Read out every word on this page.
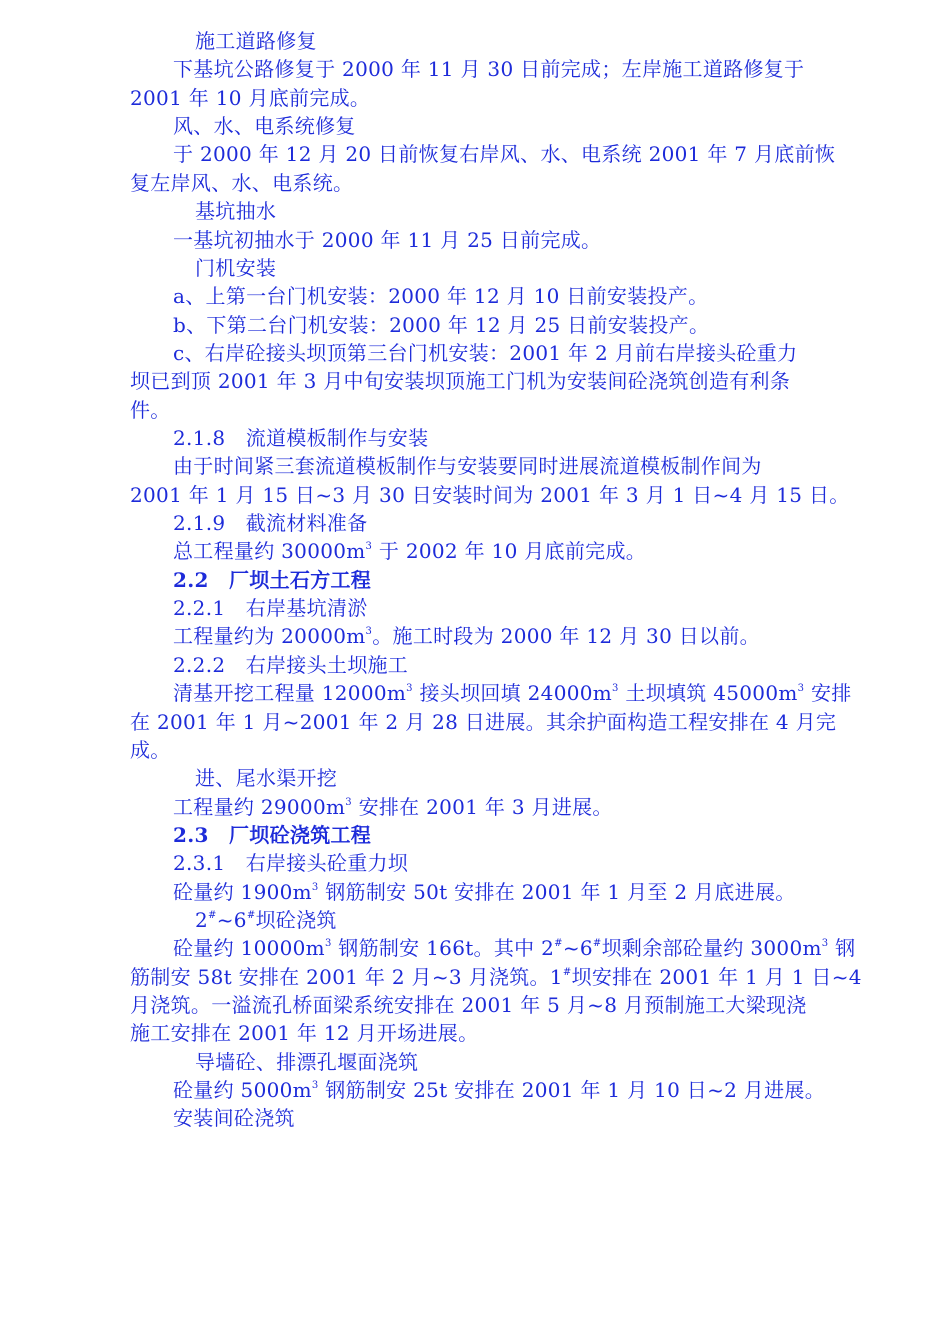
施工道路修复
下基坑公路修复于 2000 年 11 月 30 日前完成；左岸施工道路修复于
2001 年 10 月底前完成。
风、水、电系统修复
于 2000 年 12 月 20 日前恢复右岸风、水、电系统 2001 年 7 月底前恢
复左岸风、水、电系统。
基坑抽水
一基坑初抽水于 2000 年 11 月 25 日前完成。
门机安装
a、上第一台门机安装：2000 年 12 月 10 日前安装投产。
b、下第二台门机安装：2000 年 12 月 25 日前安装投产。
c、右岸砼接头坝顶第三台门机安装：2001 年 2 月前右岸接头砼重力
坝已到顶 2001 年 3 月中旬安装坝顶施工门机为安装间砼浇筑创造有利条
件。
2.1.8　流道模板制作与安装
由于时间紧三套流道模板制作与安装要同时进展流道模板制作间为
2001 年 1 月 15 日~3 月 30 日安装时间为 2001 年 3 月 1 日~4 月 15 日。
2.1.9　截流材料准备
总工程量约 $30000m^3$ 于 2002 年 10 月底前完成。
2.2　厂坝土石方工程
2.2.1　右岸基坑清淤
工程量约为 $20000m^3$。施工时段为 2000 年 12 月 30 日以前。
2.2.2　右岸接头土坝施工
清基开挖工程量 $12000m^3$ 接头坝回填 $24000m^3$ 土坝填筑 $45000m^3$ 安排
在 2001 年 1 月~2001 年 2 月 28 日进展。其余护面构造工程安排在 4 月完
成。
进、尾水渠开挖
工程量约 $29000m^3$ 安排在 2001 年 3 月进展。
2.3　厂坝砼浇筑工程
2.3.1　右岸接头砼重力坝
砼量约 $1900m^3$ 钢筋制安 50t 安排在 2001 年 1 月至 2 月底进展。
2#~6#坝砼浇筑
砼量约 $10000m^3$ 钢筋制安 166t。其中 2#~6#坝剩余部砼量约 $3000m^3$ 钢
筋制安 58t 安排在 2001 年 2 月~3 月浇筑。1#坝安排在 2001 年 1 月 1 日~4
月浇筑。一溢流孔桥面梁系统安排在 2001 年 5 月~8 月预制施工大梁现浇
施工安排在 2001 年 12 月开场进展。
导墙砼、排漂孔堰面浇筑
砼量约 $5000m^3$ 钢筋制安 25t 安排在 2001 年 1 月 10 日~2 月进展。
安装间砼浇筑
